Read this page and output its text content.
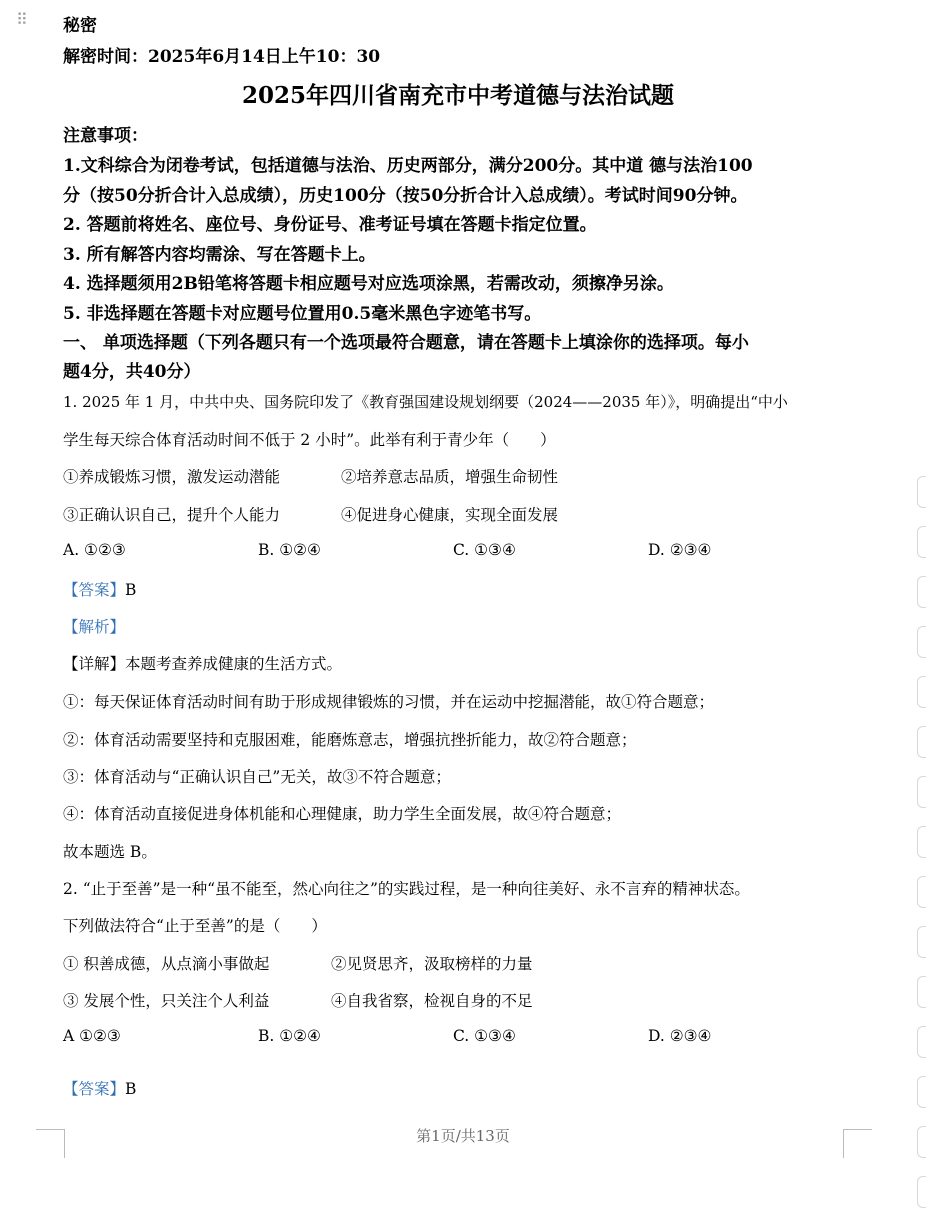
⠿ 秘密
解密时间：2025年6月14日上午10：30
2025年四川省南充市中考道德与法治试题
注意事项：
1.文科综合为闭卷考试，包括道德与法治、历史两部分，满分200分。其中道 德与法治100
分（按50分折合计入总成绩），历史100分（按50分折合计入总成绩）。考试时间90分钟。
2. 答题前将姓名、座位号、身份证号、准考证号填在答题卡指定位置。
3. 所有解答内容均需涂、写在答题卡上。
4. 选择题须用2B铅笔将答题卡相应题号对应选项涂黑，若需改动，须擦净另涂。
5. 非选择题在答题卡对应题号位置用0.5毫米黑色字迹笔书写。
一、 单项选择题（下列各题只有一个选项最符合题意，请在答题卡上填涂你的选择项。每小
题4分，共40分）
1. 2025 年 1 月，中共中央、国务院印发了《教育强国建设规划纲要（2024——2035 年）》，明确提出“中小
学生每天综合体育活动时间不低于 2 小时”。此举有利于青少年（　　）
①养成锻炼习惯，激发运动潜能	②培养意志品质，增强生命韧性
③正确认识自己，提升个人能力	④促进身心健康，实现全面发展
A. ①②③	B. ①②④	C. ①③④	D. ②③④
【答案】B
【解析】
【详解】本题考查养成健康的生活方式。
①：每天保证体育活动时间有助于形成规律锻炼的习惯，并在运动中挖掘潜能，故①符合题意；
②：体育活动需要坚持和克服困难，能磨炼意志，增强抗挫折能力，故②符合题意；
③：体育活动与“正确认识自己”无关，故③不符合题意；
④：体育活动直接促进身体机能和心理健康，助力学生全面发展，故④符合题意；
故本题选 B。
2. “止于至善”是一种“虽不能至，然心向往之”的实践过程，是一种向往美好、永不言弃的精神状态。
下列做法符合“止于至善”的是（　　）
① 积善成德，从点滴小事做起	②见贤思齐，汲取榜样的力量
③ 发展个性，只关注个人利益	④自我省察，检视自身的不足
A ①②③	B. ①②④	C. ①③④	D. ②③④
【答案】B
第1页/共13页
